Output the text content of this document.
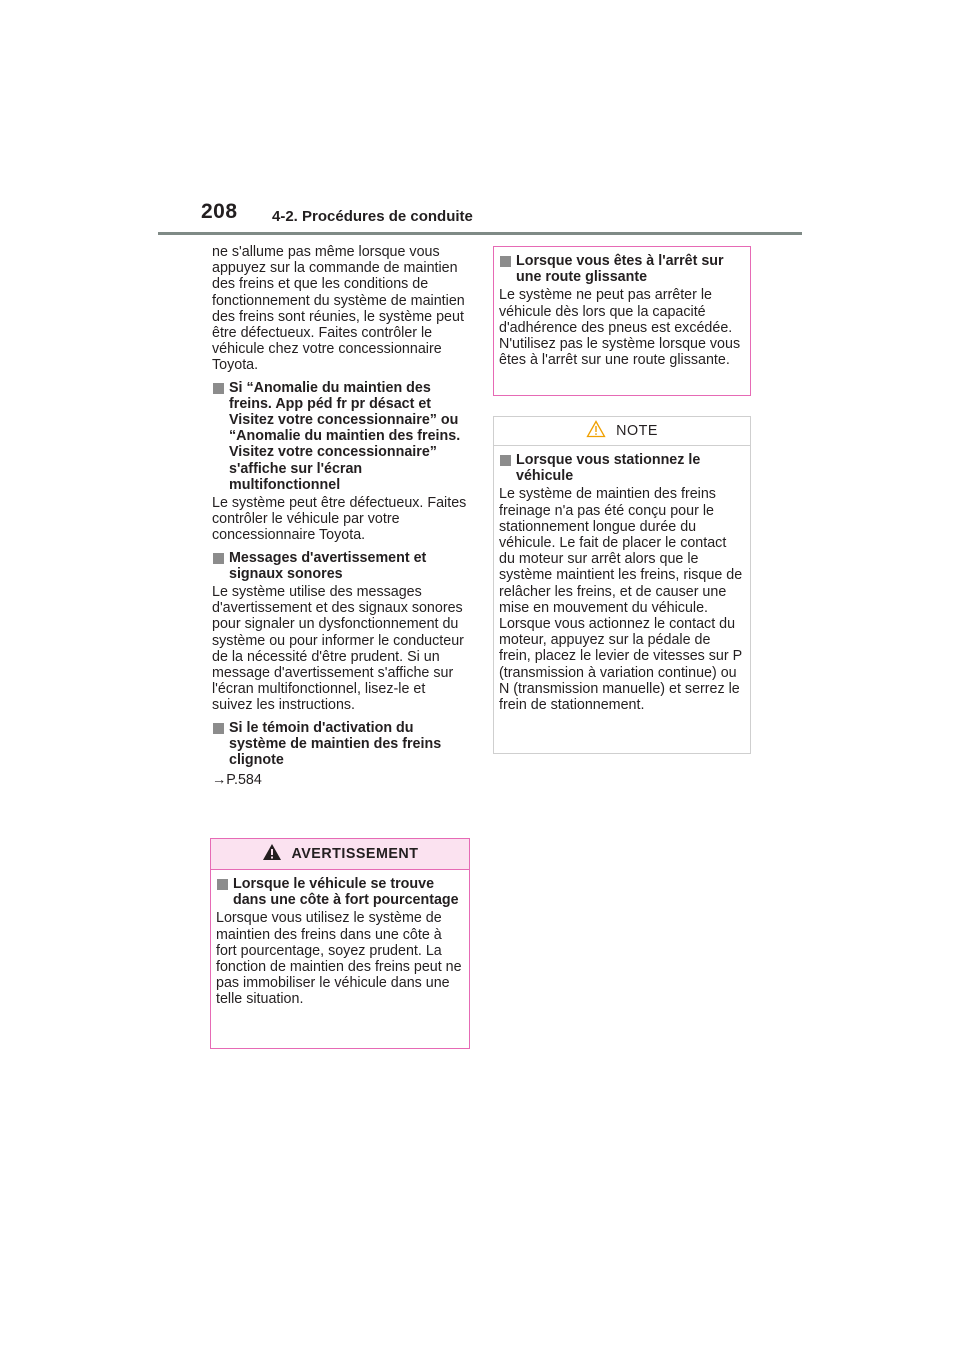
208 4-2. Procédures de conduite

ne s'allume pas même lorsque vous appuyez sur la commande de maintien des freins et que les conditions de fonctionnement du système de maintien des freins sont réunies, le système peut être défectueux. Faites contrôler le véhicule chez votre concessionnaire Toyota.

Si “Anomalie du maintien des freins. App péd fr pr désact et Visitez votre concessionnaire” ou “Anomalie du maintien des freins. Visitez votre concessionnaire” s'affiche sur l'écran multifonctionnel

Le système peut être défectueux. Faites contrôler le véhicule par votre concessionnaire Toyota.

Messages d'avertissement et signaux sonores

Le système utilise des messages d'avertissement et des signaux sonores pour signaler un dysfonctionnement du système ou pour informer le conducteur de la nécessité d'être prudent. Si un message d'avertissement s'affiche sur l'écran multifonctionnel, lisez-le et suivez les instructions.

Si le témoin d'activation du système de maintien des freins clignote

→P.584

AVERTISSEMENT
Lorsque le véhicule se trouve dans une côte à fort pourcentage

Lorsque vous utilisez le système de maintien des freins dans une côte à fort pourcentage, soyez prudent. La fonction de maintien des freins peut ne pas immobiliser le véhicule dans une telle situation.

Lorsque vous êtes à l'arrêt sur une route glissante

Le système ne peut pas arrêter le véhicule dès lors que la capacité d'adhérence des pneus est excédée. N'utilisez pas le système lorsque vous êtes à l'arrêt sur une route glissante.

NOTE
Lorsque vous stationnez le véhicule

Le système de maintien des freins freinage n'a pas été conçu pour le stationnement longue durée du véhicule. Le fait de placer le contact du moteur sur arrêt alors que le système maintient les freins, risque de relâcher les freins, et de causer une mise en mouvement du véhicule. Lorsque vous actionnez le contact du moteur, appuyez sur la pédale de frein, placez le levier de vitesses sur P (transmission à variation continue) ou N (transmission manuelle) et serrez le frein de stationnement.
